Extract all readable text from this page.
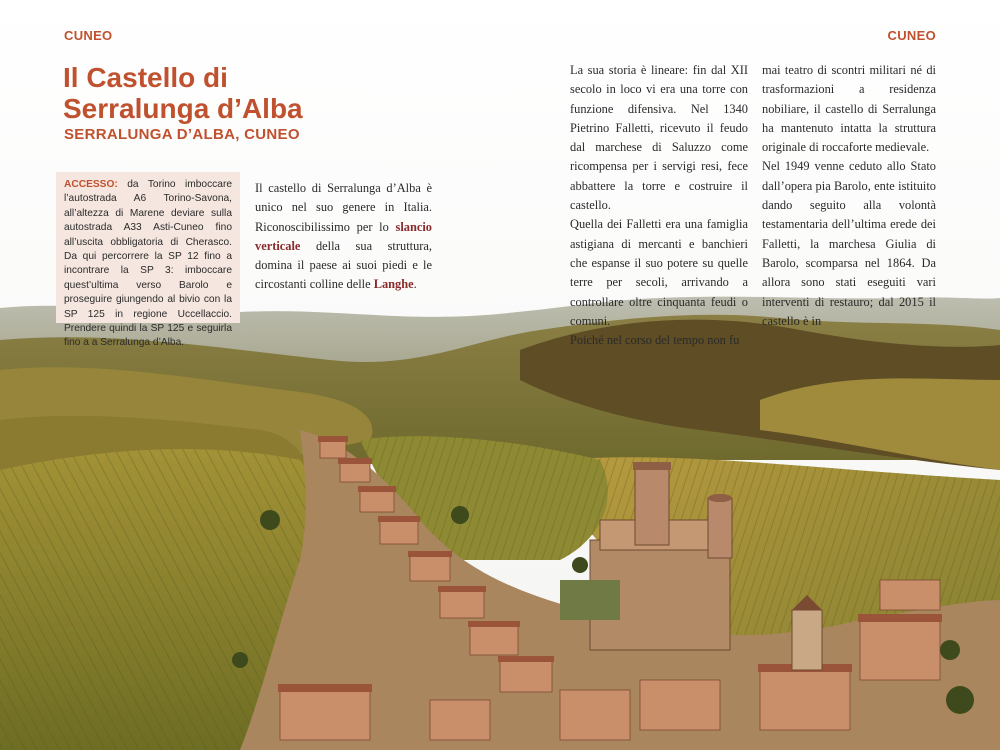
CUNEO	CUNEO
Il Castello di Serralunga d’Alba
SERRALUNGA D’ALBA, CUNEO
ACCESSO: da Torino imboccare l’autostrada A6 Torino-Savona, all’altezza di Marene deviare sulla autostrada A33 Asti-Cuneo fino all’uscita obbligatoria di Cherasco. Da qui percorrere la SP 12 fino a incontrare la SP 3: imboccare quest’ultima verso Barolo e proseguire giungendo al bivio con la SP 125 in regione Uccellaccio. Prendere quindi la SP 125 e seguirla fino a a Serralunga d’Alba.

Il castello di Serralunga d’Alba è unico nel suo genere in Italia. Riconoscibilissimo per lo slancio verticale della sua struttura, domina il paese ai suoi piedi e le circostanti colline delle Langhe.

La sua storia è lineare: fin dal XII secolo in loco vi era una torre con funzione difensiva. Nel 1340 Pietrino Falletti, ricevuto il feudo dal marchese di Saluzzo come ricompensa per i servigi resi, fece abbattere la torre e costruire il castello.

Quella dei Falletti era una famiglia astigiana di mercanti e banchieri che espanse il suo potere su quelle terre per secoli, arrivando a controllare oltre cinquanta feudi o comuni.

Poiché nel corso del tempo non fu

mai teatro di scontri militari né di trasformazioni a residenza nobiliare, il castello di Serralunga ha mantenuto intatta la struttura originale di roccaforte medievale.

Nel 1949 venne ceduto allo Stato dall’opera pia Barolo, ente istituito dando seguito alla volontà testamentaria dell’ultima erede dei Falletti, la marchesa Giulia di Barolo, scomparsa nel 1864. Da allora sono stati eseguiti vari interventi di restauro; dal 2015 il castello è in
